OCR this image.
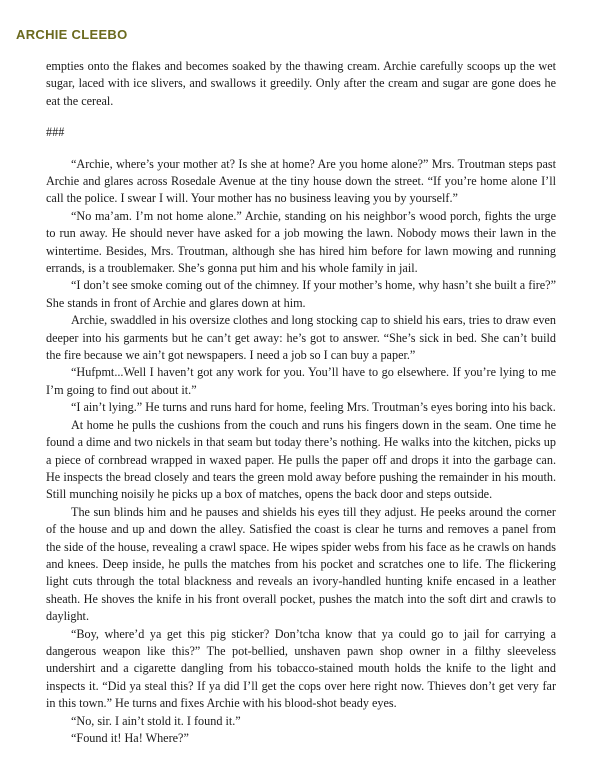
ARCHIE CLEEBO

empties onto the flakes and becomes soaked by the thawing cream. Archie carefully scoops up the wet sugar, laced with ice slivers, and swallows it greedily. Only after the cream and sugar are gone does he eat the cereal.

###

“Archie, where’s your mother at? Is she at home? Are you home alone?” Mrs. Troutman steps past Archie and glares across Rosedale Avenue at the tiny house down the street. “If you’re home alone I’ll call the police. I swear I will. Your mother has no business leaving you by yourself.”

“No ma’am. I’m not home alone.” Archie, standing on his neighbor’s wood porch, fights the urge to run away. He should never have asked for a job mowing the lawn. Nobody mows their lawn in the wintertime. Besides, Mrs. Troutman, although she has hired him before for lawn mowing and running errands, is a troublemaker. She’s gonna put him and his whole family in jail.

“I don’t see smoke coming out of the chimney. If your mother’s home, why hasn’t she built a fire?” She stands in front of Archie and glares down at him.

Archie, swaddled in his oversize clothes and long stocking cap to shield his ears, tries to draw even deeper into his garments but he can’t get away: he’s got to answer. “She’s sick in bed. She can’t build the fire because we ain’t got newspapers. I need a job so I can buy a paper.”

“Hufpmt...Well I haven’t got any work for you. You’ll have to go elsewhere. If you’re lying to me I’m going to find out about it.”

“I ain’t lying.” He turns and runs hard for home, feeling Mrs. Troutman’s eyes boring into his back.

At home he pulls the cushions from the couch and runs his fingers down in the seam. One time he found a dime and two nickels in that seam but today there’s nothing. He walks into the kitchen, picks up a piece of cornbread wrapped in waxed paper. He pulls the paper off and drops it into the garbage can. He inspects the bread closely and tears the green mold away before pushing the remainder in his mouth. Still munching noisily he picks up a box of matches, opens the back door and steps outside.

The sun blinds him and he pauses and shields his eyes till they adjust. He peeks around the corner of the house and up and down the alley. Satisfied the coast is clear he turns and removes a panel from the side of the house, revealing a crawl space. He wipes spider webs from his face as he crawls on hands and knees. Deep inside, he pulls the matches from his pocket and scratches one to life. The flickering light cuts through the total blackness and reveals an ivory-handled hunting knife encased in a leather sheath. He shoves the knife in his front overall pocket, pushes the match into the soft dirt and crawls to daylight.

“Boy, where’d ya get this pig sticker? Don’tcha know that ya could go to jail for carrying a dangerous weapon like this?” The pot-bellied, unshaven pawn shop owner in a filthy sleeveless undershirt and a cigarette dangling from his tobacco-stained mouth holds the knife to the light and inspects it. “Did ya steal this? If ya did I’ll get the cops over here right now. Thieves don’t get very far in this town.” He turns and fixes Archie with his blood-shot beady eyes.

“No, sir. I ain’t stold it. I found it.”

“Found it! Ha! Where?”
